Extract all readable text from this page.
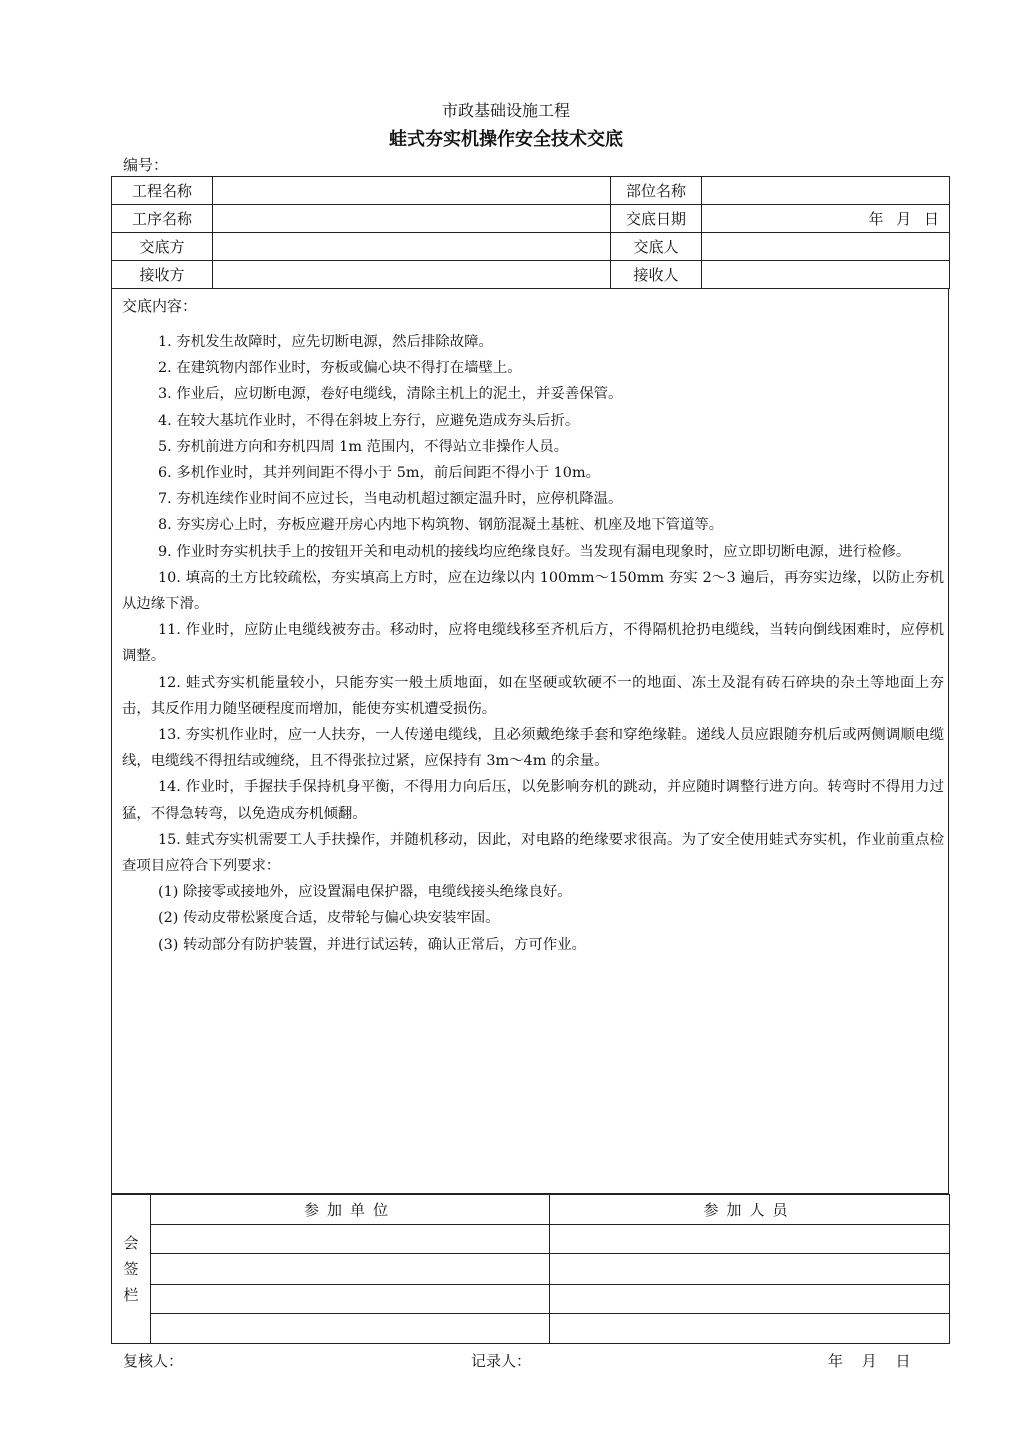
市政基础设施工程
蛙式夯实机操作安全技术交底
编号：
工程名称		部位名称	
工序名称		交底日期	年 月 日
交底方		交底人	
接收方		接收人	
交底内容：

1. 夯机发生故障时，应先切断电源，然后排除故障。

2. 在建筑物内部作业时，夯板或偏心块不得打在墙壁上。

3. 作业后，应切断电源，卷好电缆线，清除主机上的泥土，并妥善保管。

4. 在较大基坑作业时，不得在斜坡上夯行，应避免造成夯头后折。

5. 夯机前进方向和夯机四周 1m 范围内，不得站立非操作人员。

6. 多机作业时，其并列间距不得小于 5m，前后间距不得小于 10m。

7. 夯机连续作业时间不应过长，当电动机超过额定温升时，应停机降温。

8. 夯实房心上时，夯板应避开房心内地下构筑物、钢筋混凝土基桩、机座及地下管道等。

9. 作业时夯实机扶手上的按钮开关和电动机的接线均应绝缘良好。当发现有漏电现象时，应立即切断电源，进行检修。

10. 填高的土方比较疏松，夯实填高上方时，应在边缘以内 100mm～150mm 夯实 2～3 遍后，再夯实边缘，以防止夯机从边缘下滑。

11. 作业时，应防止电缆线被夯击。移动时，应将电缆线移至齐机后方，不得隔机抢扔电缆线，当转向倒线困难时，应停机调整。

12. 蛙式夯实机能量较小，只能夯实一般土质地面，如在坚硬或软硬不一的地面、冻土及混有砖石碎块的杂土等地面上夯击，其反作用力随坚硬程度而增加，能使夯实机遭受损伤。

13. 夯实机作业时，应一人扶夯，一人传递电缆线，且必须戴绝缘手套和穿绝缘鞋。递线人员应跟随夯机后或两侧调顺电缆线，电缆线不得扭结或缠绕，且不得张拉过紧，应保持有 3m～4m 的余量。

14. 作业时，手握扶手保持机身平衡，不得用力向后压，以免影响夯机的跳动，并应随时调整行进方向。转弯时不得用力过猛，不得急转弯，以免造成夯机倾翻。

15. 蛙式夯实机需要工人手扶操作，并随机移动，因此，对电路的绝缘要求很高。为了安全使用蛙式夯实机，作业前重点检查项目应符合下列要求：

(1) 除接零或接地外，应设置漏电保护器，电缆线接头绝缘良好。

(2) 传动皮带松紧度合适，皮带轮与偏心块安装牢固。

(3) 转动部分有防护装置，并进行试运转，确认正常后，方可作业。

会
签
栏	参加单位	参加人员

复核人：	记录人：	年 月 日
